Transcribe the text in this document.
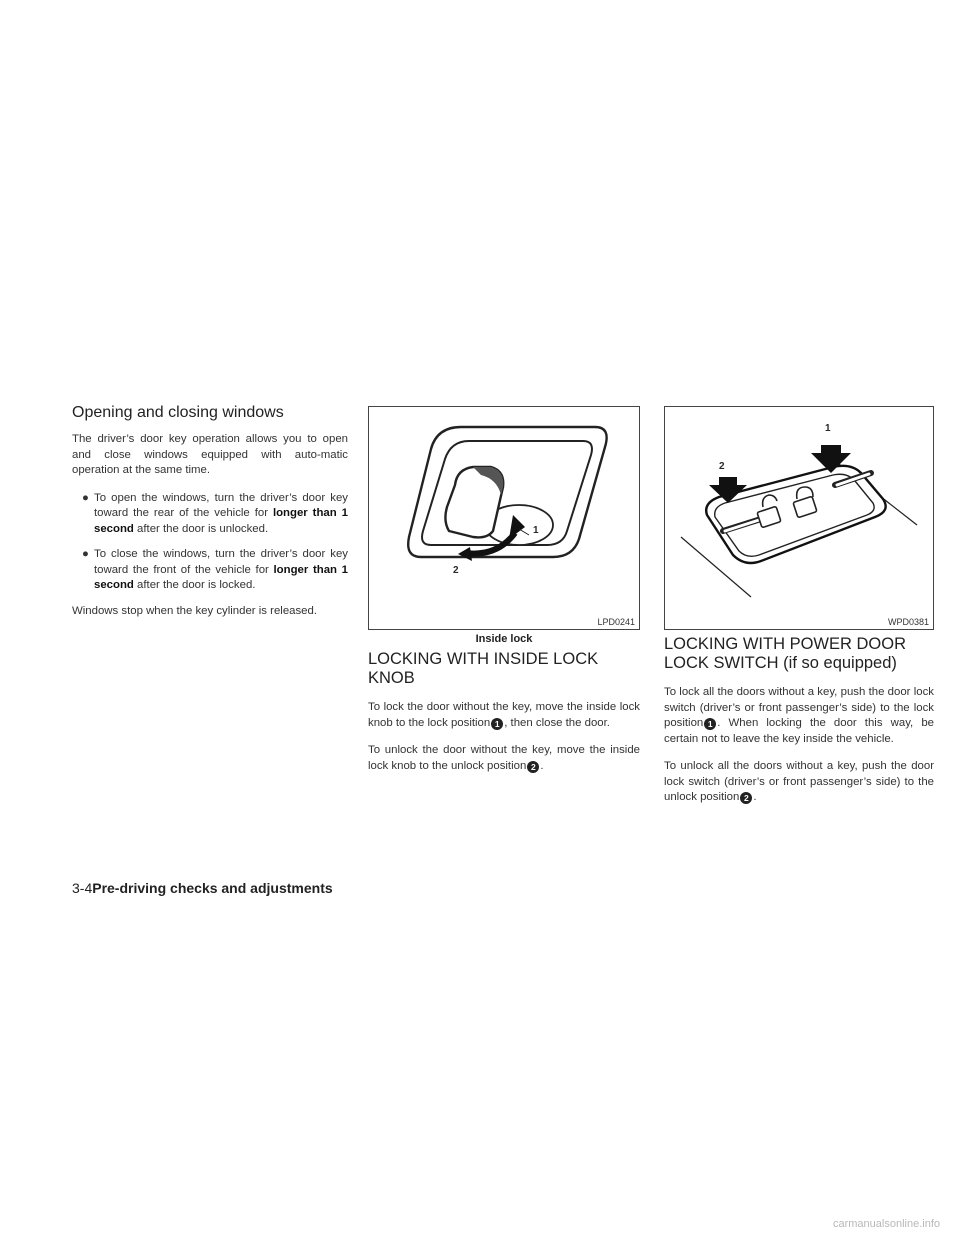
Opening and closing windows

The driver’s door key operation allows you to open and close windows equipped with auto-matic operation at the same time.

● To open the windows, turn the driver’s door key toward the rear of the vehicle for longer than 1 second after the door is unlocked.
● To close the windows, turn the driver’s door key toward the front of the vehicle for longer than 1 second after the door is locked.

Windows stop when the key cylinder is released.

1
2
LPD0241
Inside lock
1
2
WPD0381
LOCKING WITH INSIDE LOCK KNOB

To lock the door without the key, move the inside lock knob to the lock position 1 , then close the door.

To unlock the door without the key, move the inside lock knob to the unlock position 2 .

LOCKING WITH POWER DOOR LOCK SWITCH (if so equipped)

To lock all the doors without a key, push the door lock switch (driver’s or front passenger’s side) to the lock position 1 . When locking the door this way, be certain not to leave the key inside the vehicle.

To unlock all the doors without a key, push the door lock switch (driver’s or front passenger’s side) to the unlock position 2 .

3-4Pre-driving checks and adjustments
carmanualsonline.info
